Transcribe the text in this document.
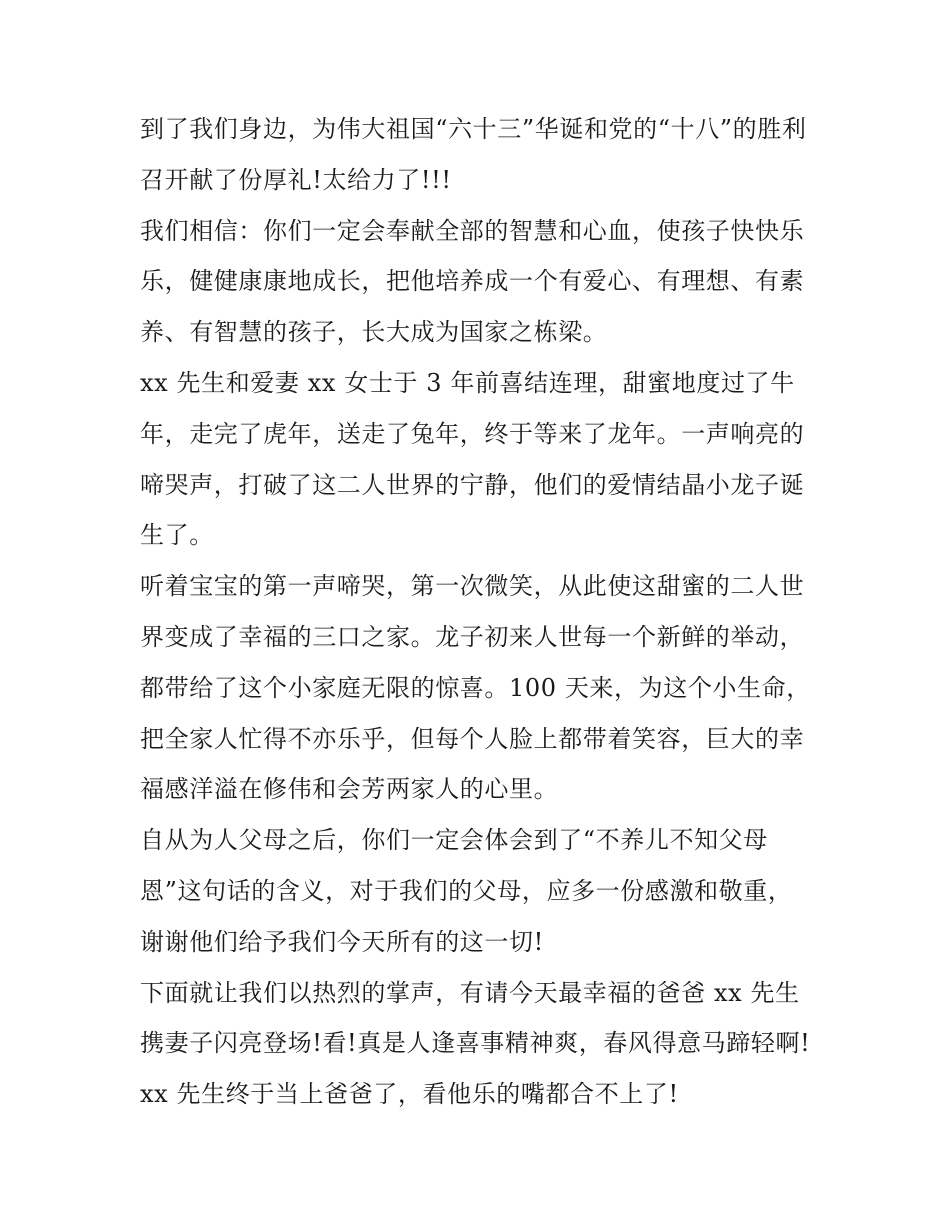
到了我们身边，为伟大祖国“六十三”华诞和党的“十八”的胜利
召开献了份厚礼!太给力了!!!
我们相信：你们一定会奉献全部的智慧和心血，使孩子快快乐
乐，健健康康地成长，把他培养成一个有爱心、有理想、有素
养、有智慧的孩子，长大成为国家之栋梁。
xx 先生和爱妻 xx 女士于 3 年前喜结连理，甜蜜地度过了牛
年，走完了虎年，送走了兔年，终于等来了龙年。一声响亮的
啼哭声，打破了这二人世界的宁静，他们的爱情结晶小龙子诞
生了。
听着宝宝的第一声啼哭，第一次微笑，从此使这甜蜜的二人世
界变成了幸福的三口之家。龙子初来人世每一个新鲜的举动，
都带给了这个小家庭无限的惊喜。100 天来，为这个小生命，
把全家人忙得不亦乐乎，但每个人脸上都带着笑容，巨大的幸
福感洋溢在修伟和会芳两家人的心里。
自从为人父母之后，你们一定会体会到了“不养儿不知父母
恩”这句话的含义，对于我们的父母，应多一份感激和敬重，
谢谢他们给予我们今天所有的这一切!
下面就让我们以热烈的掌声，有请今天最幸福的爸爸 xx 先生
携妻子闪亮登场!看!真是人逢喜事精神爽，春风得意马蹄轻啊!
xx 先生终于当上爸爸了，看他乐的嘴都合不上了!
